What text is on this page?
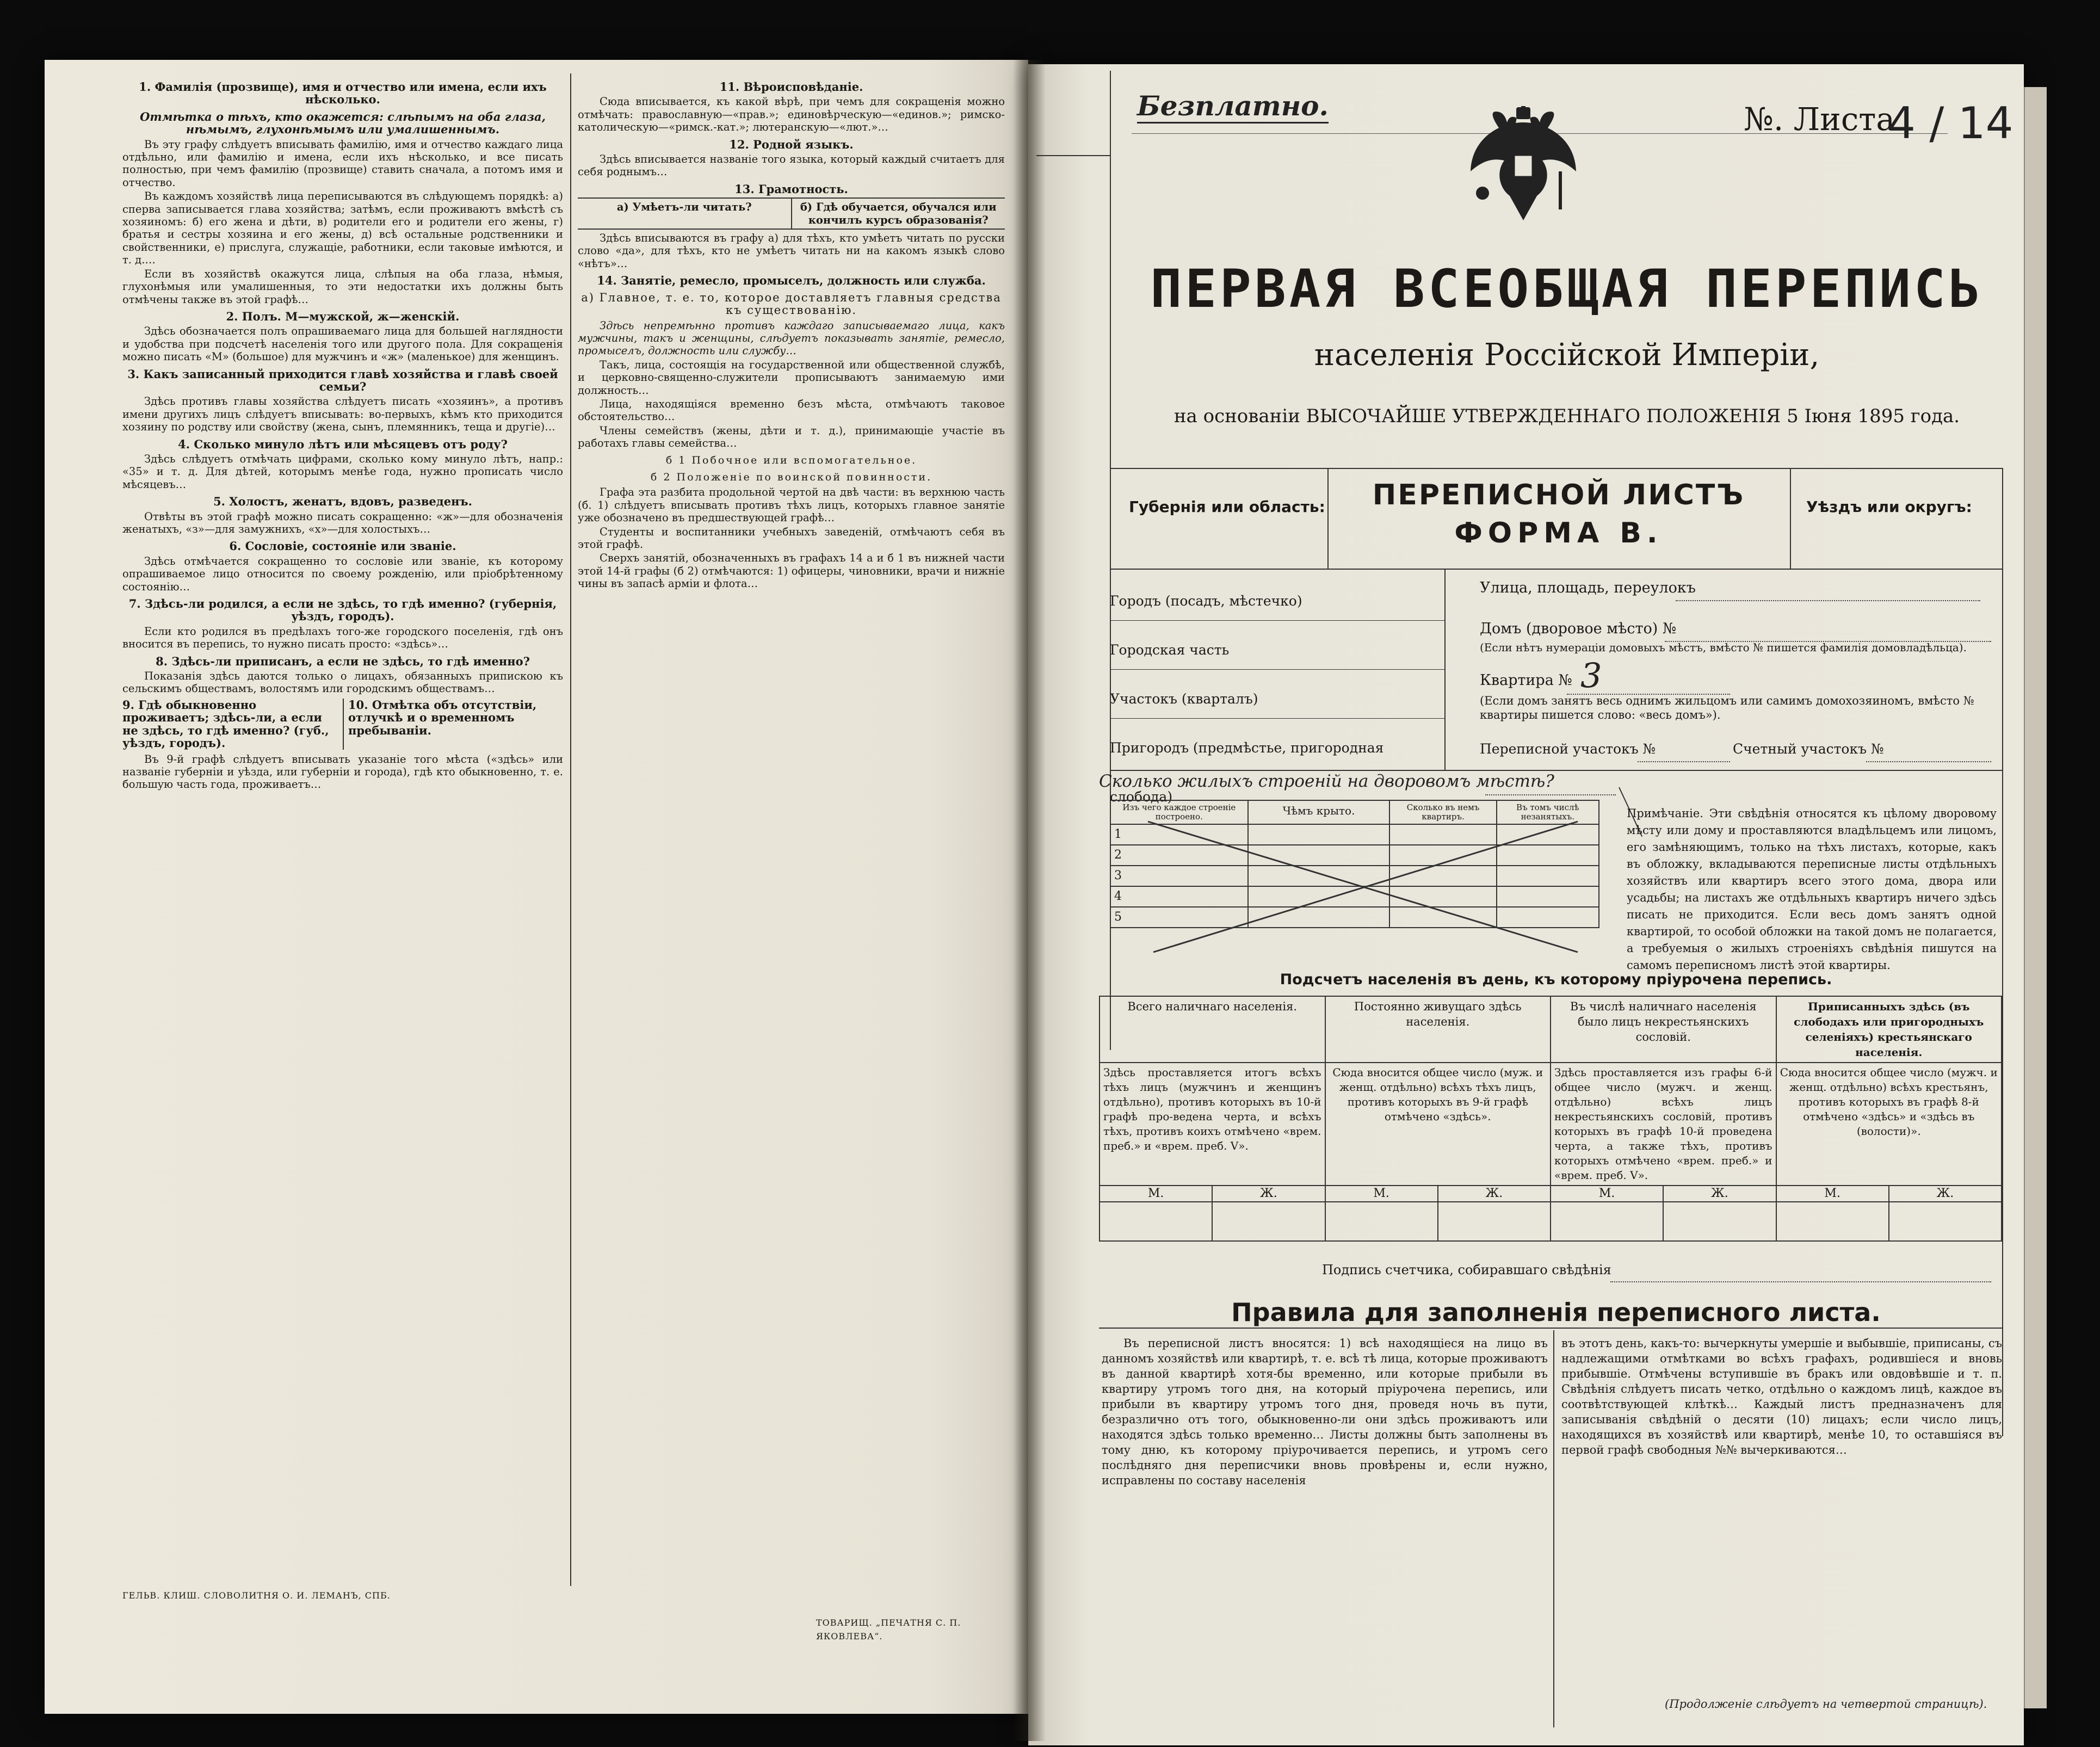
1. Фамилія (прозвище), имя и отчество или имена, если ихъ нѣсколько.
Отмѣтка о тѣхъ, кто окажется: слѣпымъ на оба глаза, нѣмымъ, глухонѣмымъ или умалишеннымъ.

Въ эту графу слѣдуетъ вписывать фамилію, имя и отчество каждаго лица отдѣльно, или фамилію и имена, если ихъ нѣсколько, и все писать полностью, при чемъ фамилію (прозвище) ставить сначала, а потомъ имя и отчество.

Въ каждомъ хозяйствѣ лица переписываются въ слѣдующемъ порядкѣ: а) сперва записывается глава хозяйства; затѣмъ, если проживаютъ вмѣстѣ съ хозяиномъ: б) его жена и дѣти, в) родители его и родители его жены, г) братья и сестры хозяина и его жены, д) всѣ остальные родственники и свойственники, е) прислуга, служащіе, работники, если таковые имѣются, и т. д.…

Если въ хозяйствѣ окажутся лица, слѣпыя на оба глаза, нѣмыя, глухонѣмыя или умалишенныя, то эти недостатки ихъ должны быть отмѣчены также въ этой графѣ…

2. Полъ. М—мужской, ж—женскій.

Здѣсь обозначается полъ опрашиваемаго лица для большей наглядности и удобства при подсчетѣ населенія того или другого пола. Для сокращенія можно писать «М» (большое) для мужчинъ и «ж» (маленькое) для женщинъ.

3. Какъ записанный приходится главѣ хозяйства и главѣ своей семьи?

Здѣсь противъ главы хозяйства слѣдуетъ писать «хозяинъ», а противъ имени другихъ лицъ слѣдуетъ вписывать: во-первыхъ, кѣмъ кто приходится хозяину по родству или свойству (жена, сынъ, племянникъ, теща и другіе)…

4. Сколько минуло лѣтъ или мѣсяцевъ отъ роду?

Здѣсь слѣдуетъ отмѣчать цифрами, сколько кому минуло лѣтъ, напр.: «35» и т. д. Для дѣтей, которымъ менѣе года, нужно прописать число мѣсяцевъ…

5. Холостъ, женатъ, вдовъ, разведенъ.

Отвѣты въ этой графѣ можно писать сокращенно: «ж»—для обозначенія женатыхъ, «з»—для замужнихъ, «х»—для холостыхъ…

6. Сословіе, состояніе или званіе.

Здѣсь отмѣчается сокращенно то сословіе или званіе, къ которому опрашиваемое лицо относится по своему рожденію, или пріобрѣтенному состоянію…

7. Здѣсь-ли родился, а если не здѣсь, то гдѣ именно? (губернія, уѣздъ, городъ).

Если кто родился въ предѣлахъ того-же городского поселенія, гдѣ онъ вносится въ перепись, то нужно писать просто: «здѣсь»…

8. Здѣсь-ли приписанъ, а если не здѣсь, то гдѣ именно?

Показанія здѣсь даются только о лицахъ, обязанныхъ припискою къ сельскимъ обществамъ, волостямъ или городскимъ обществамъ…

9. Гдѣ обыкновенно проживаетъ; здѣсь-ли, а если не здѣсь, то гдѣ именно? (губ., уѣздъ, городъ).
10. Отмѣтка объ отсутствіи, отлучкѣ и о временномъ пребываніи.

Въ 9-й графѣ слѣдуетъ вписывать указаніе того мѣста («здѣсь» или названіе губерніи и уѣзда, или губерніи и города), гдѣ кто обыкновенно, т. е. большую часть года, проживаетъ…

ГЕЛЬВ. КЛИШ. СЛОВОЛИТНЯ О. И. ЛЕМАНЪ, СПБ.
11. Вѣроисповѣданіе.

Сюда вписывается, къ какой вѣрѣ, при чемъ для сокращенія можно отмѣчать: православную—«прав.»; единовѣрческую—«единов.»; римско-католическую—«римск.-кат.»; лютеранскую—«лют.»…

12. Родной языкъ.

Здѣсь вписывается названіе того языка, который каждый считаетъ для себя роднымъ…

13. Грамотность.
а) Умѣетъ-ли читать?	б) Гдѣ обучается, обучался или кончилъ курсъ образованія?

Здѣсь вписываются въ графу а) для тѣхъ, кто умѣетъ читать по русски слово «да», для тѣхъ, кто не умѣетъ читать ни на какомъ языкѣ слово «нѣтъ»…

14. Занятіе, ремесло, промыселъ, должность или служба.
а) Главное, т. е. то, которое доставляетъ главныя средства къ существованію.

Здѣсь непремѣнно противъ каждаго записываемаго лица, какъ мужчины, такъ и женщины, слѣдуетъ показывать занятіе, ремесло, промыселъ, должность или службу…

Такъ, лица, состоящія на государственной или общественной службѣ, и церковно-священно-служители прописываютъ занимаемую ими должность…

Лица, находящіяся временно безъ мѣста, отмѣчаютъ таковое обстоятельство…

Члены семействъ (жены, дѣти и т. д.), принимающіе участіе въ работахъ главы семейства…

б 1 Побочное или вспомогательное.
б 2 Положеніе по воинской повинности.

Графа эта разбита продольной чертой на двѣ части: въ верхнюю часть (б. 1) слѣдуетъ вписывать противъ тѣхъ лицъ, которыхъ главное занятіе уже обозначено въ предшествующей графѣ…

Студенты и воспитанники учебныхъ заведеній, отмѣчаютъ себя въ этой графѣ.

Сверхъ занятій, обозначенныхъ въ графахъ 14 а и б 1 въ нижней части этой 14-й графы (б 2) отмѣчаются: 1) офицеры, чиновники, врачи и нижніе чины въ запасѣ арміи и флота…

ТОВАРИЩ. „ПЕЧАТНЯ С. П. ЯКОВЛЕВА“.
Безплатно.	№. Листа
4 / 14
ПЕРВАЯ ВСЕОБЩАЯ ПЕРЕПИСЬ
населенія Россійской Имперіи,
на основаніи ВЫСОЧАЙШЕ УТВЕРЖДЕННАГО ПОЛОЖЕНІЯ 5 Іюня 1895 года.
Губернія или область:	ПЕРЕПИСНОЙ ЛИСТЪ
ФОРМА В.
Уѣздъ или округъ:
Городъ (посадъ, мѣстечко)
Городская часть
Участокъ (кварталъ)
Пригородъ (предмѣстье, пригородная слобода)
Улица, площадь, переулокъ
Домъ (дворовое мѣсто) №
(Если нѣтъ нумераціи домовыхъ мѣстъ, вмѣсто № пишется фамилія домовладѣльца).
Квартира № 3
(Если домъ занятъ весь однимъ жильцомъ или самимъ домохозяиномъ, вмѣсто № квартиры пишется слово: «весь домъ»).
Переписной участокъ №	Счетный участокъ №
Сколько жилыхъ строеній на дворовомъ мѣстѣ?
Изъ чего каждое строеніе построено.	Чѣмъ крыто.	Сколько въ немъ квартиръ.	Въ томъ числѣ незанятыхъ.
1			
2			
3			
4			
5			
Примѣчаніе. Эти свѣдѣнія относятся къ цѣлому дворовому мѣсту или дому и проставляются владѣльцемъ или лицомъ, его замѣняющимъ, только на тѣхъ листахъ, которые, какъ въ обложку, вкладываются переписные листы отдѣльныхъ хозяйствъ или квартиръ всего этого дома, двора или усадьбы; на листахъ же отдѣльныхъ квартиръ ничего здѣсь писать не приходится. Если весь домъ занятъ одной квартирой, то особой обложки на такой домъ не полагается, а требуемыя о жилыхъ строеніяхъ свѣдѣнія пишутся на самомъ переписномъ листѣ этой квартиры.
Подсчетъ населенія въ день, къ которому пріурочена перепись.
Всего наличнаго населенія.	Постоянно живущаго здѣсь населенія.	Въ числѣ наличнаго населенія было лицъ некрестьянскихъ сословій.	Приписанныхъ здѣсь (въ слободахъ или пригородныхъ селеніяхъ) крестьянскаго населенія.
Здѣсь проставляется итогъ всѣхъ тѣхъ лицъ (мужчинъ и женщинъ отдѣльно), противъ которыхъ въ 10-й графѣ про-ведена черта, и всѣхъ тѣхъ, противъ коихъ отмѣчено «врем. преб.» и «врем. преб. V».	Сюда вносится общее число (муж. и женщ. отдѣльно) всѣхъ тѣхъ лицъ, противъ которыхъ въ 9-й графѣ отмѣчено «здѣсь».	Здѣсь проставляется изъ графы 6-й общее число (мужч. и женщ. отдѣльно) всѣхъ лицъ некрестьянскихъ сословій, противъ которыхъ въ графѣ 10-й проведена черта, а также тѣхъ, противъ которыхъ отмѣчено «врем. преб.» и «врем. преб. V».	Сюда вносится общее число (мужч. и женщ. отдѣльно) всѣхъ крестьянъ, противъ которыхъ въ графѣ 8-й отмѣчено «здѣсь» и «здѣсь въ (волости)».

М. Ж.	М. Ж.	М. Ж.	М. Ж.

Подпись счетчика, собиравшаго свѣдѣнія
Правила для заполненія переписного листа.
Въ переписной листъ вносятся: 1) всѣ находящіеся на лицо въ данномъ хозяйствѣ или квартирѣ, т. е. всѣ тѣ лица, которые проживаютъ въ данной квартирѣ хотя-бы временно, или которые прибыли въ квартиру утромъ того дня, на который пріурочена перепись, или прибыли въ квартиру утромъ того дня, проведя ночь въ пути, безразлично отъ того, обыкновенно-ли они здѣсь проживаютъ или находятся здѣсь только временно… Листы должны быть заполнены въ тому дню, къ которому пріурочивается перепись, и утромъ сего послѣдняго дня переписчики вновь провѣрены и, если нужно, исправлены по составу населенія
въ этотъ день, какъ-то: вычеркнуты умершіе и выбывшіе, приписаны, съ надлежащими отмѣтками во всѣхъ графахъ, родившіеся и вновь прибывшіе. Отмѣчены вступившіе въ бракъ или овдовѣвшіе и т. п. Свѣдѣнія слѣдуетъ писать четко, отдѣльно о каждомъ лицѣ, каждое въ соотвѣтствующей клѣткѣ… Каждый листъ предназначенъ для записыванія свѣдѣній о десяти (10) лицахъ; если число лицъ, находящихся въ хозяйствѣ или квартирѣ, менѣе 10, то оставшіяся въ первой графѣ свободныя №№ вычеркиваются…
(Продолженіе слѣдуетъ на четвертой страницѣ).
